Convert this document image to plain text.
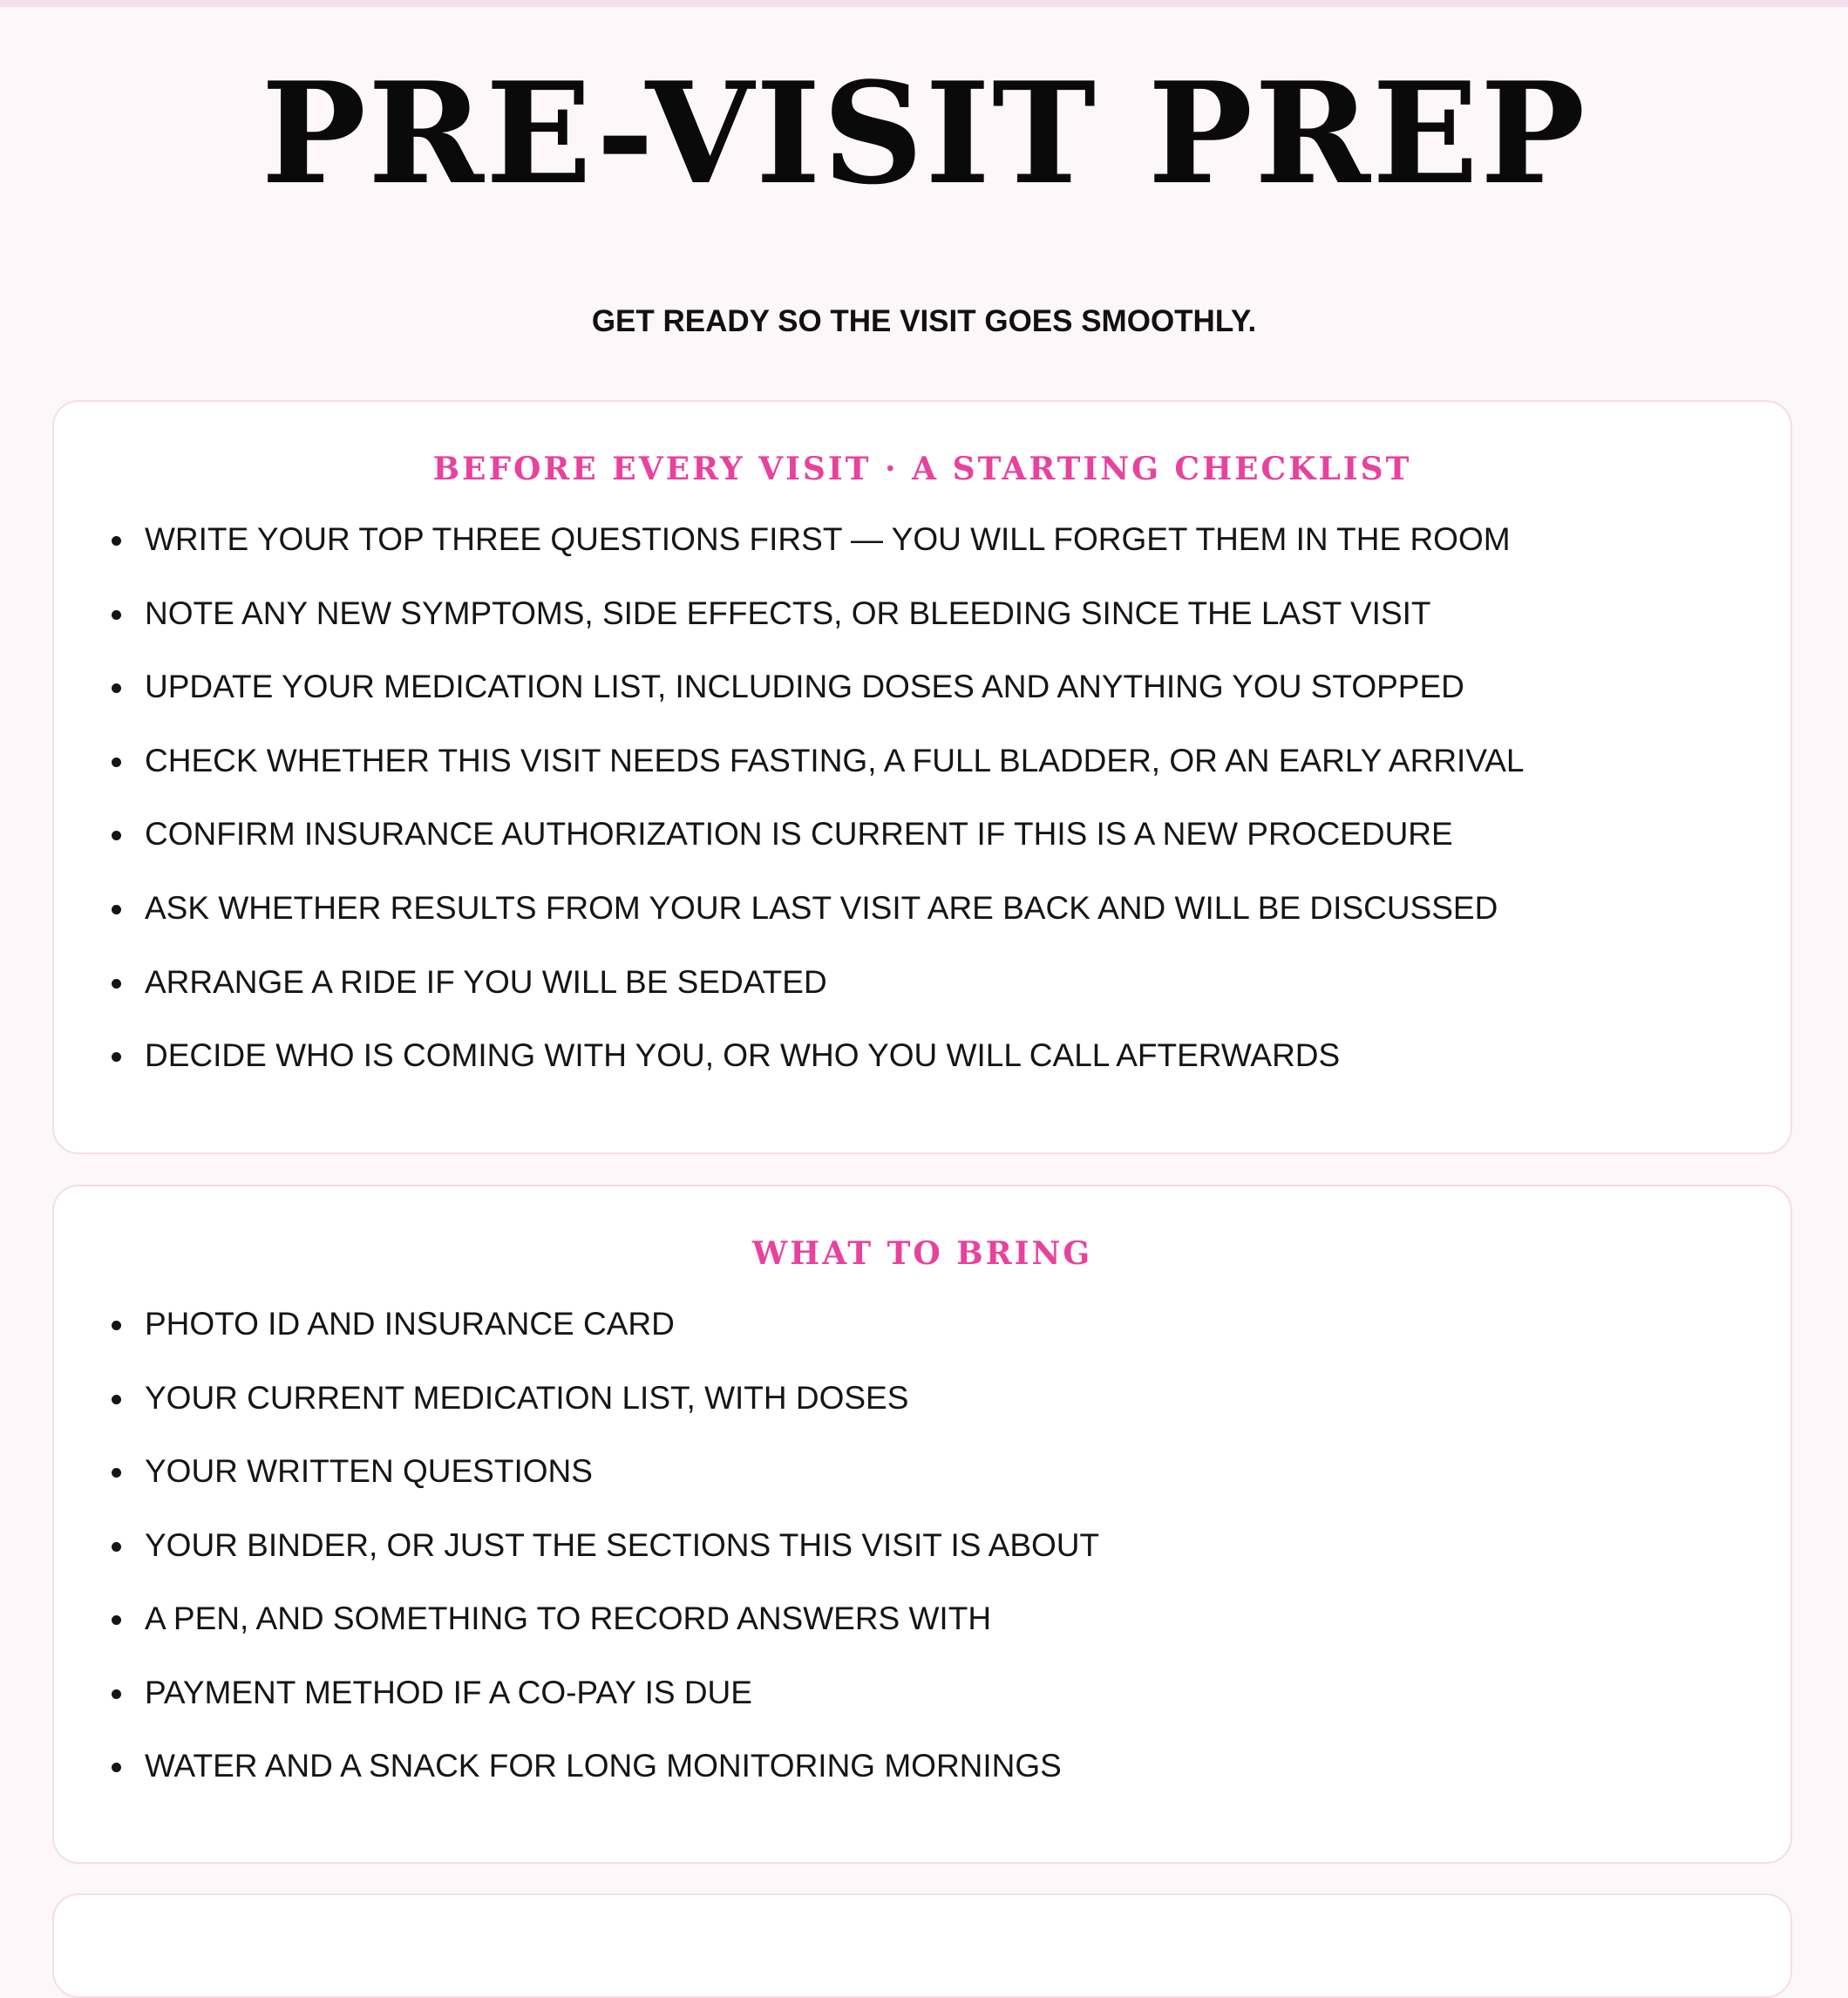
PRE-VISIT PREP

GET READY SO THE VISIT GOES SMOOTHLY.

BEFORE EVERY VISIT · A STARTING CHECKLIST
WRITE YOUR TOP THREE QUESTIONS FIRST — YOU WILL FORGET THEM IN THE ROOM
NOTE ANY NEW SYMPTOMS, SIDE EFFECTS, OR BLEEDING SINCE THE LAST VISIT
UPDATE YOUR MEDICATION LIST, INCLUDING DOSES AND ANYTHING YOU STOPPED
CHECK WHETHER THIS VISIT NEEDS FASTING, A FULL BLADDER, OR AN EARLY ARRIVAL
CONFIRM INSURANCE AUTHORIZATION IS CURRENT IF THIS IS A NEW PROCEDURE
ASK WHETHER RESULTS FROM YOUR LAST VISIT ARE BACK AND WILL BE DISCUSSED
ARRANGE A RIDE IF YOU WILL BE SEDATED
DECIDE WHO IS COMING WITH YOU, OR WHO YOU WILL CALL AFTERWARDS
WHAT TO BRING
PHOTO ID AND INSURANCE CARD
YOUR CURRENT MEDICATION LIST, WITH DOSES
YOUR WRITTEN QUESTIONS
YOUR BINDER, OR JUST THE SECTIONS THIS VISIT IS ABOUT
A PEN, AND SOMETHING TO RECORD ANSWERS WITH
PAYMENT METHOD IF A CO-PAY IS DUE
WATER AND A SNACK FOR LONG MONITORING MORNINGS
